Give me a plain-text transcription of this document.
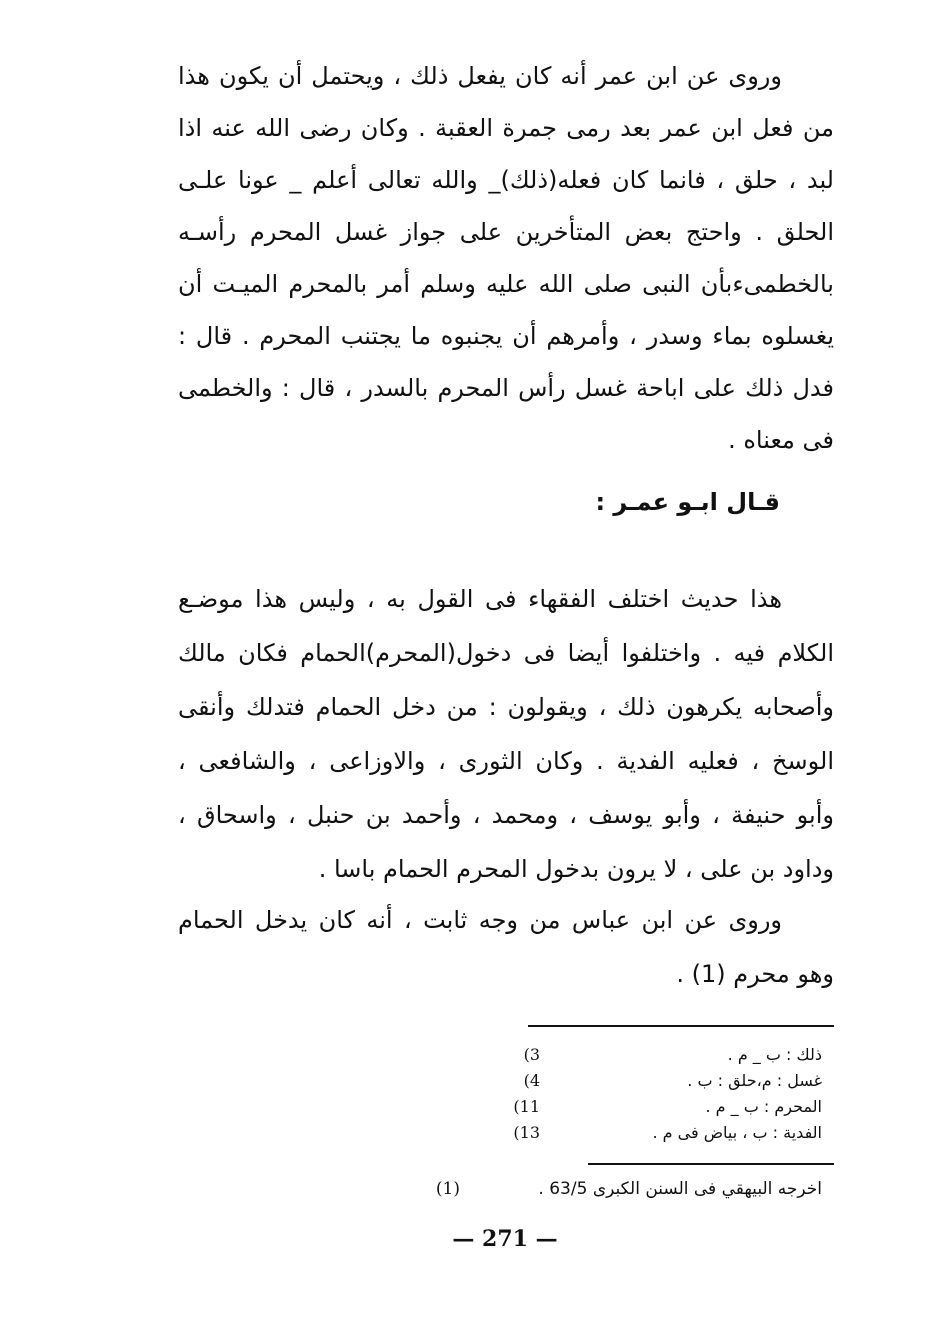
وروى عن ابن عمر أنه كان يفعل ذلك ، ويحتمل أن يكون هذا
من فعل ابن عمر بعد رمى جمرة العقبة . وكان رضى الله عنه اذا
لبد ، حلق ، فانما كان فعله(ذلك)_ والله تعالى أعلم _ عونا علـى
الحلق . واحتج بعض المتأخرين على جواز غسل المحرم رأسـه
بالخطمىءبأن النبى صلى الله عليه وسلم أمر بالمحرم الميـت أن
يغسلوه بماء وسدر ، وأمرهم أن يجنبوه ما يجتنب المحرم . قال :
فدل ذلك على اباحة غسل رأس المحرم بالسدر ، قال : والخطمى
فى معناه .
قـال ابـو عمـر :
هذا حديث اختلف الفقهاء فى القول به ، وليس هذا موضـع
الكلام فيه . واختلفوا أيضا فى دخول(المحرم)الحمام فكان مالك
وأصحابه يكرهون ذلك ، ويقولون : من دخل الحمام فتدلك وأنقى
الوسخ ، فعليه الفدية . وكان الثورى ، والاوزاعى ، والشافعى ،
وأبو حنيفة ، وأبو يوسف ، ومحمد ، وأحمد بن حنبل ، واسحاق ،
وداود بن على ، لا يرون بدخول المحرم الحمام باسا .
وروى عن ابن عباس من وجه ثابت ، أنه كان يدخل الحمام
وهو محرم (1) .
ذلك : ب _ م .
3)
غسل : م،حلق : ب .
4)
المحرم : ب _ م .
11)
الفدية : ب ، بياض فى م .
13)
اخرجه البيهقي فى السنن الكبرى 63/5 .
(1)
— 271 —
